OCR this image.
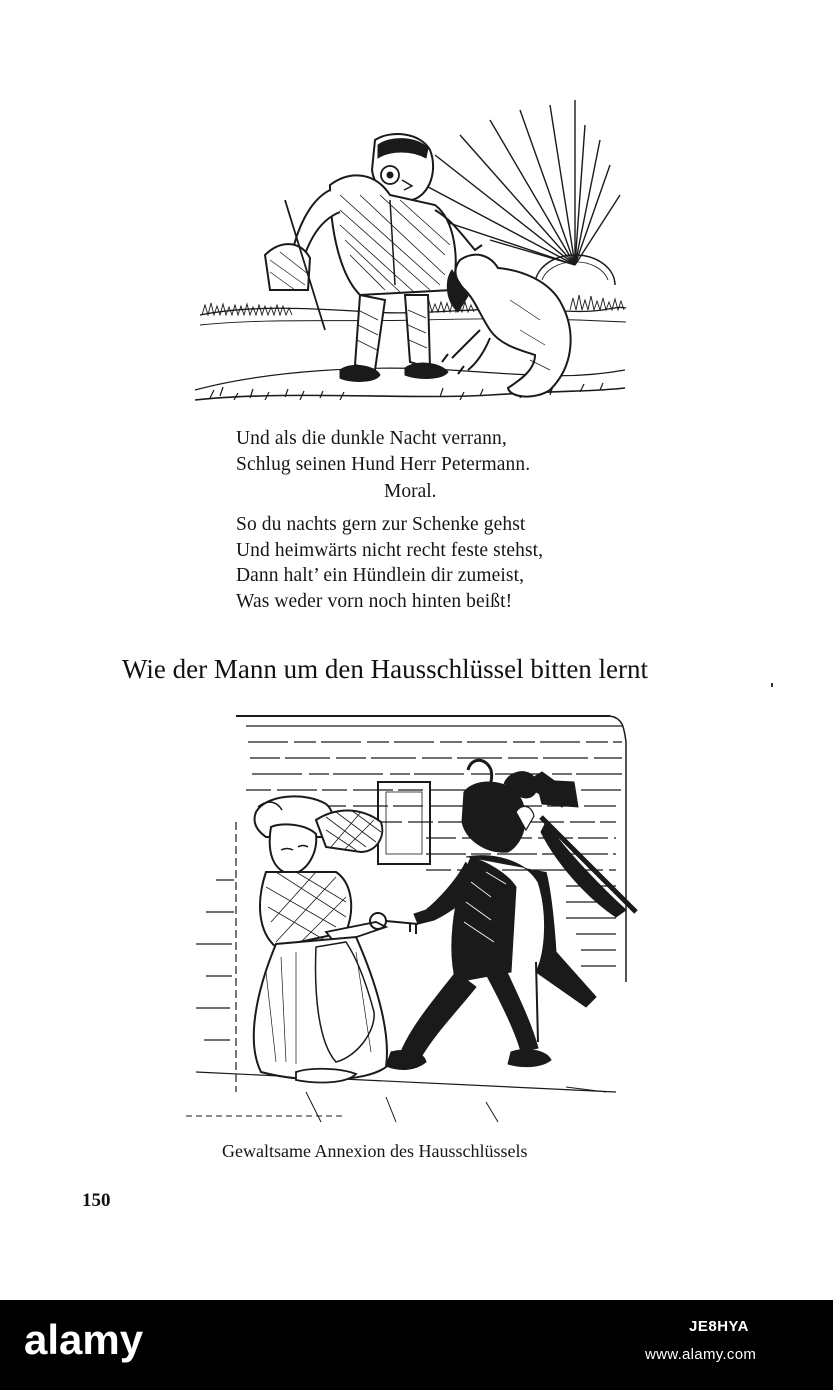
Und als die dunkle Nacht verrann,
Schlug seinen Hund Herr Petermann.
Moral.
So du nachts gern zur Schenke gehst
Und heimwärts nicht recht feste stehst,
Dann halt’ ein Hündlein dir zumeist,
Was weder vorn noch hinten beißt!
Wie der Mann um den Hausschlüssel bitten lernt
Gewaltsame Annexion des Hausschlüssels
150
alamy	JE8HYA
www.alamy.com
